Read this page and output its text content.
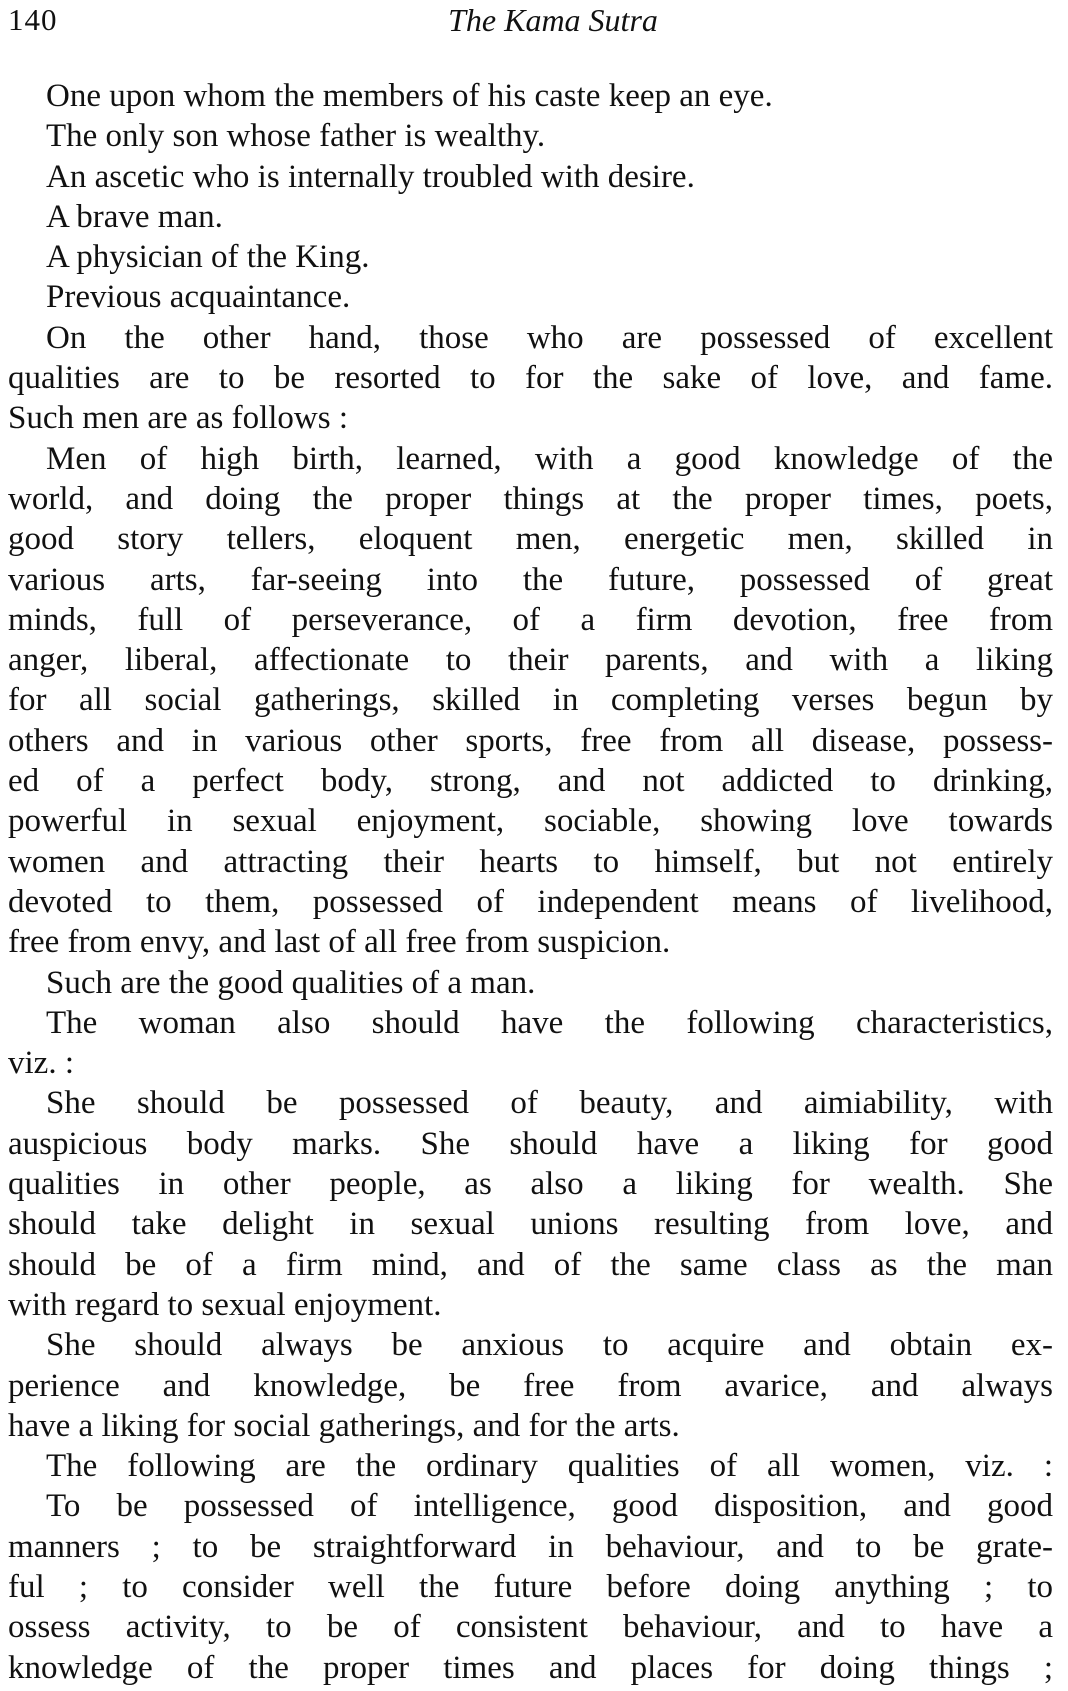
140	The Kama Sutra
One upon whom the members of his caste keep an eye.
The only son whose father is wealthy.
An ascetic who is internally troubled with desire.
A brave man.
A physician of the King.
Previous acquaintance.
On the other hand, those who are possessed of excellent
qualities are to be resorted to for the sake of love, and fame.
Such men are as follows :
Men of high birth, learned, with a good knowledge of the
world, and doing the proper things at the proper times, poets,
good story tellers, eloquent men, energetic men, skilled in
various arts, far-seeing into the future, possessed of great
minds, full of perseverance, of a firm devotion, free from
anger, liberal, affectionate to their parents, and with a liking
for all social gatherings, skilled in completing verses begun by
others and in various other sports, free from all disease, possess-
ed of a perfect body, strong, and not addicted to drinking,
powerful in sexual enjoyment, sociable, showing love towards
women and attracting their hearts to himself, but not entirely
devoted to them, possessed of independent means of livelihood,
free from envy, and last of all free from suspicion.
Such are the good qualities of a man.
The woman also should have the following characteristics,
viz. :
She should be possessed of beauty, and aimiability, with
auspicious body marks. She should have a liking for good
qualities in other people, as also a liking for wealth. She
should take delight in sexual unions resulting from love, and
should be of a firm mind, and of the same class as the man
with regard to sexual enjoyment.
She should always be anxious to acquire and obtain ex-
perience and knowledge, be free from avarice, and always
have a liking for social gatherings, and for the arts.
The following are the ordinary qualities of all women, viz. :
To be possessed of intelligence, good disposition, and good
manners ; to be straightforward in behaviour, and to be grate-
ful ; to consider well the future before doing anything ; to
ossess activity, to be of consistent behaviour, and to have a
knowledge of the proper times and places for doing things ;
